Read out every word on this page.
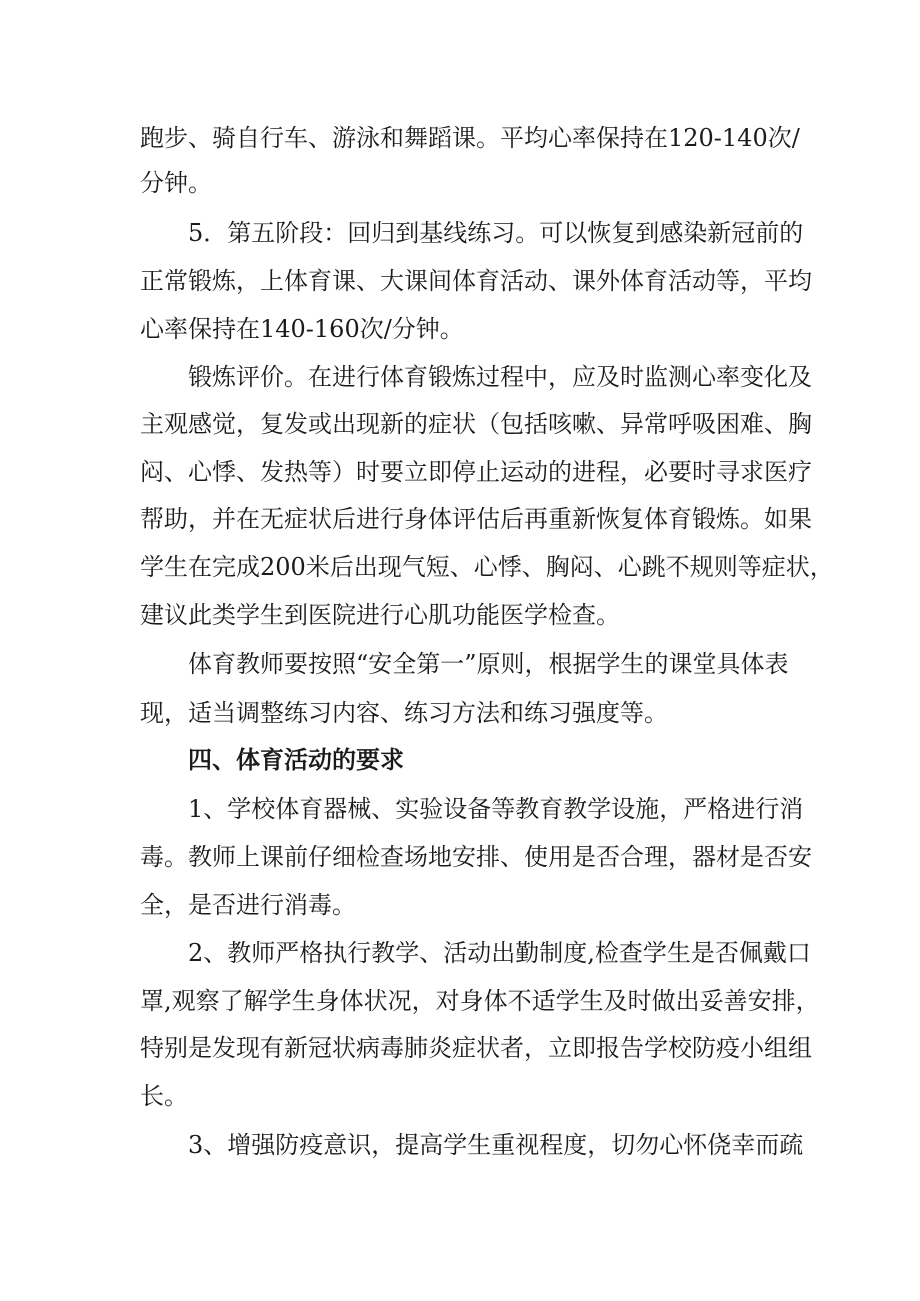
跑步、骑自行车、游泳和舞蹈课。平均心率保持在120-140次/
分钟。
5．第五阶段：回归到基线练习。可以恢复到感染新冠前的
正常锻炼，上体育课、大课间体育活动、课外体育活动等，平均
心率保持在140-160次/分钟。
锻炼评价。在进行体育锻炼过程中，应及时监测心率变化及
主观感觉，复发或出现新的症状（包括咳嗽、异常呼吸困难、胸
闷、心悸、发热等）时要立即停止运动的进程，必要时寻求医疗
帮助，并在无症状后进行身体评估后再重新恢复体育锻炼。如果
学生在完成200米后出现气短、心悸、胸闷、心跳不规则等症状，
建议此类学生到医院进行心肌功能医学检查。
体育教师要按照“安全第一”原则，根据学生的课堂具体表
现，适当调整练习内容、练习方法和练习强度等。
四、体育活动的要求
1、学校体育器械、实验设备等教育教学设施，严格进行消
毒。教师上课前仔细检查场地安排、使用是否合理，器材是否安
全，是否进行消毒。
2、教师严格执行教学、活动出勤制度,检查学生是否佩戴口
罩,观察了解学生身体状况，对身体不适学生及时做出妥善安排，
特别是发现有新冠状病毒肺炎症状者，立即报告学校防疫小组组
长。
3、增强防疫意识，提高学生重视程度，切勿心怀侥幸而疏
